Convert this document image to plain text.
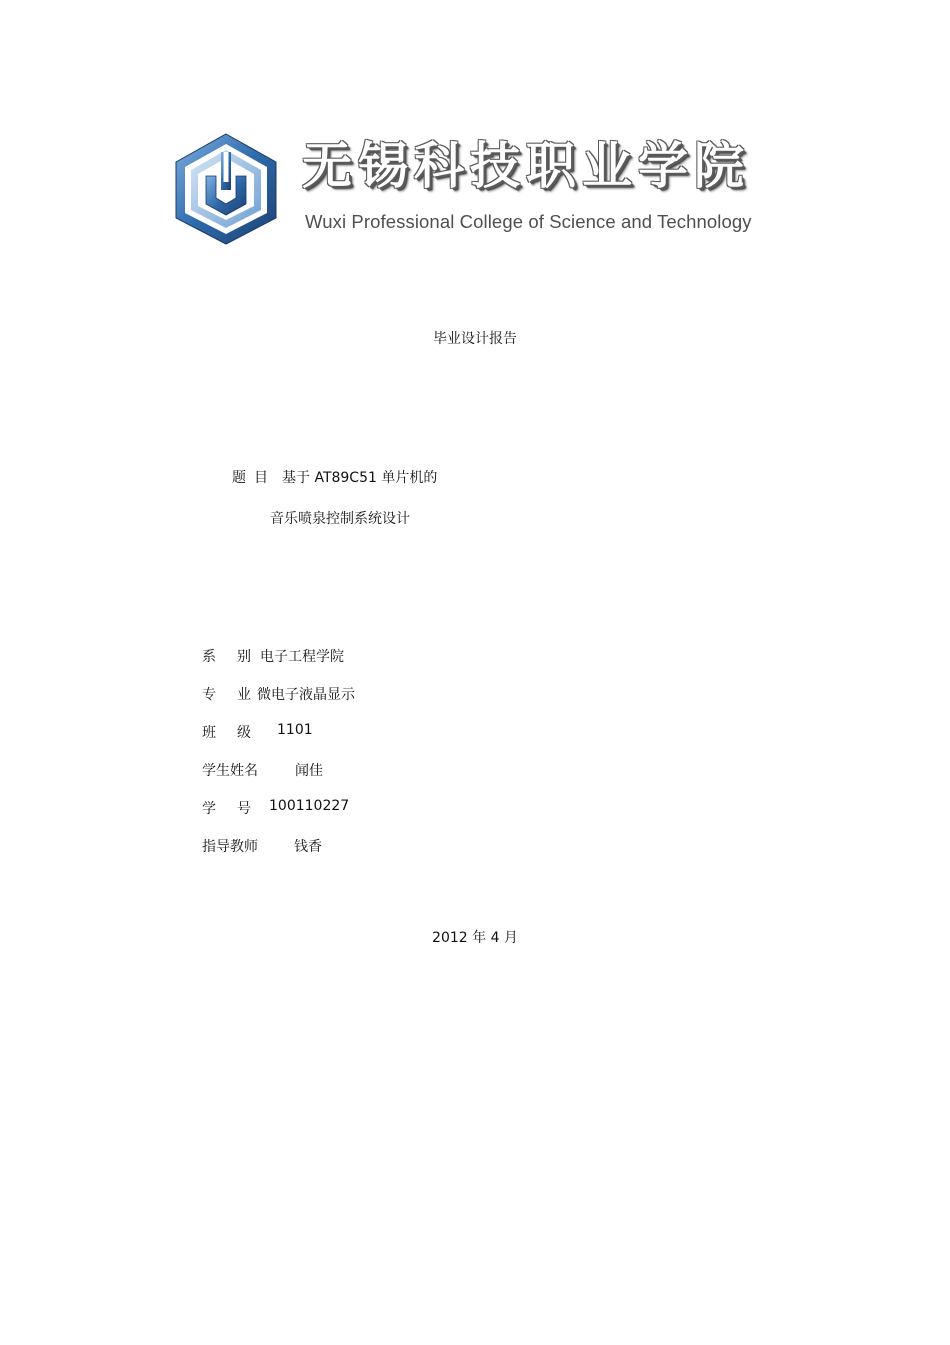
无锡科技职业学院
Wuxi Professional College of Science and Technology
毕业设计报告
题 目 基于 AT89C51 单片机的
音乐喷泉控制系统设计
系 别 电子工程学院
专 业 微电子液晶显示
班 级 1101
学生姓名	闻佳
学 号 100110227
指导教师	钱香
2012 年 4 月
